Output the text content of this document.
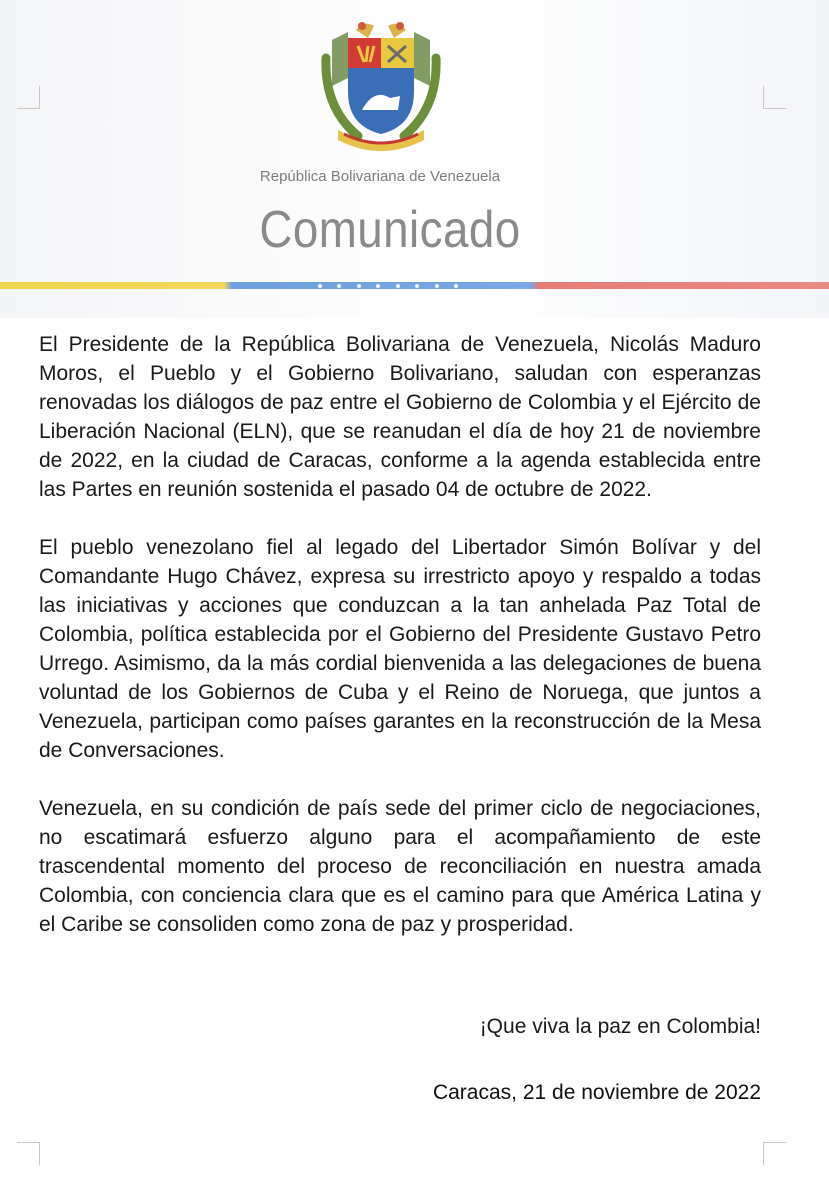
República Bolivariana de Venezuela
Comunicado

El Presidente de la República Bolivariana de Venezuela, Nicolás Maduro Moros, el Pueblo y el Gobierno Bolivariano, saludan con esperanzas renovadas los diálogos de paz entre el Gobierno de Colombia y el Ejército de Liberación Nacional (ELN), que se reanudan el día de hoy 21 de noviembre de 2022, en la ciudad de Caracas, conforme a la agenda establecida entre las Partes en reunión sostenida el pasado 04 de octubre de 2022.

El pueblo venezolano fiel al legado del Libertador Simón Bolívar y del Comandante Hugo Chávez, expresa su irrestricto apoyo y respaldo a todas las iniciativas y acciones que conduzcan a la tan anhelada Paz Total de Colombia, política establecida por el Gobierno del Presidente Gustavo Petro Urrego. Asimismo, da la más cordial bienvenida a las delegaciones de buena voluntad de los Gobiernos de Cuba y el Reino de Noruega, que juntos a Venezuela, participan como países garantes en la reconstrucción de la Mesa de Conversaciones.

Venezuela, en su condición de país sede del primer ciclo de negociaciones, no escatimará esfuerzo alguno para el acompañamiento de este trascendental momento del proceso de reconciliación en nuestra amada Colombia, con conciencia clara que es el camino para que América Latina y el Caribe se consoliden como zona de paz y prosperidad.

¡Que viva la paz en Colombia!
Caracas, 21 de noviembre de 2022
